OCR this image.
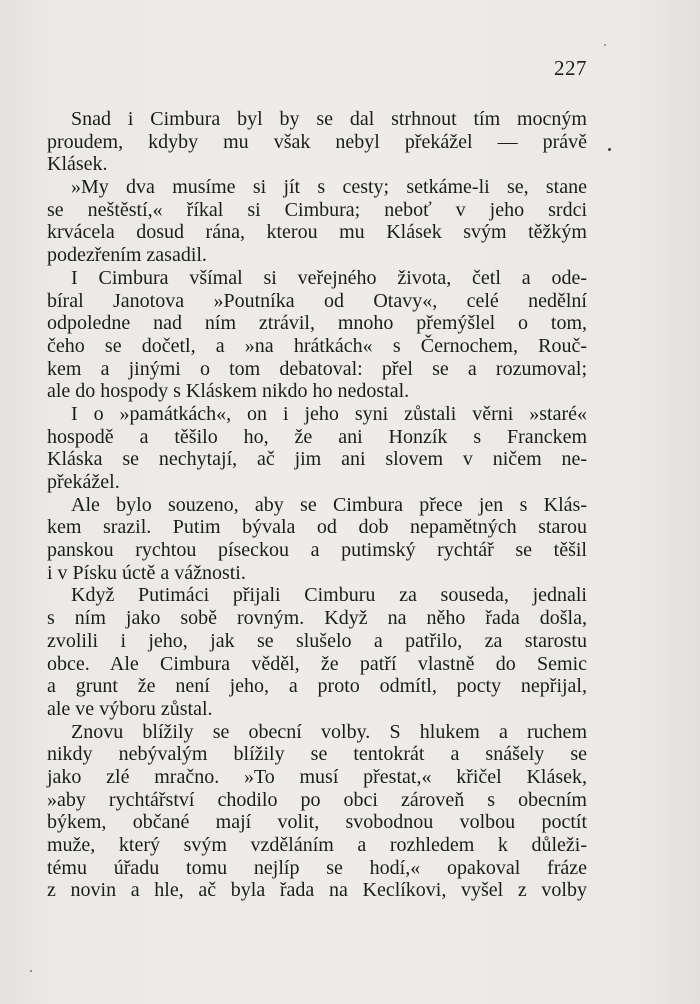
227
Snad i Cimbura byl by se dal strhnout tím mocným
proudem, kdyby mu však nebyl překážel — právě
Klásek.
»My dva musíme si jít s cesty; setkáme-li se, stane
se neštěstí,« říkal si Cimbura; neboť v jeho srdci
krvácela dosud rána, kterou mu Klásek svým těžkým
podezřením zasadil.
I Cimbura všímal si veřejného života, četl a ode-
bíral Janotova »Poutníka od Otavy«, celé nedělní
odpoledne nad ním ztrávil, mnoho přemýšlel o tom,
čeho se dočetl, a »na hrátkách« s Černochem, Rouč-
kem a jinými o tom debatoval: přel se a rozumoval;
ale do hospody s Kláskem nikdo ho nedostal.
I o »památkách«, on i jeho syni zůstali věrni »staré«
hospodě a těšilo ho, že ani Honzík s Franckem
Kláska se nechytají, ač jim ani slovem v ničem ne-
překážel.
Ale bylo souzeno, aby se Cimbura přece jen s Klás-
kem srazil. Putim bývala od dob nepamětných starou
panskou rychtou píseckou a putimský rychtář se těšil
i v Písku úctě a vážnosti.
Když Putimáci přijali Cimburu za souseda, jednali
s ním jako sobě rovným. Když na něho řada došla,
zvolili i jeho, jak se slušelo a patřilo, za starostu
obce. Ale Cimbura věděl, že patří vlastně do Semic
a grunt že není jeho, a proto odmítl, pocty nepřijal,
ale ve výboru zůstal.
Znovu blížily se obecní volby. S hlukem a ruchem
nikdy nebývalým blížily se tentokrát a snášely se
jako zlé mračno. »To musí přestat,« křičel Klásek,
»aby rychtářství chodilo po obci zároveň s obecním
býkem, občané mají volit, svobodnou volbou poctít
muže, který svým vzděláním a rozhledem k důleži-
tému úřadu tomu nejlíp se hodí,« opakoval fráze
z novin a hle, ač byla řada na Keclíkovi, vyšel z volby
